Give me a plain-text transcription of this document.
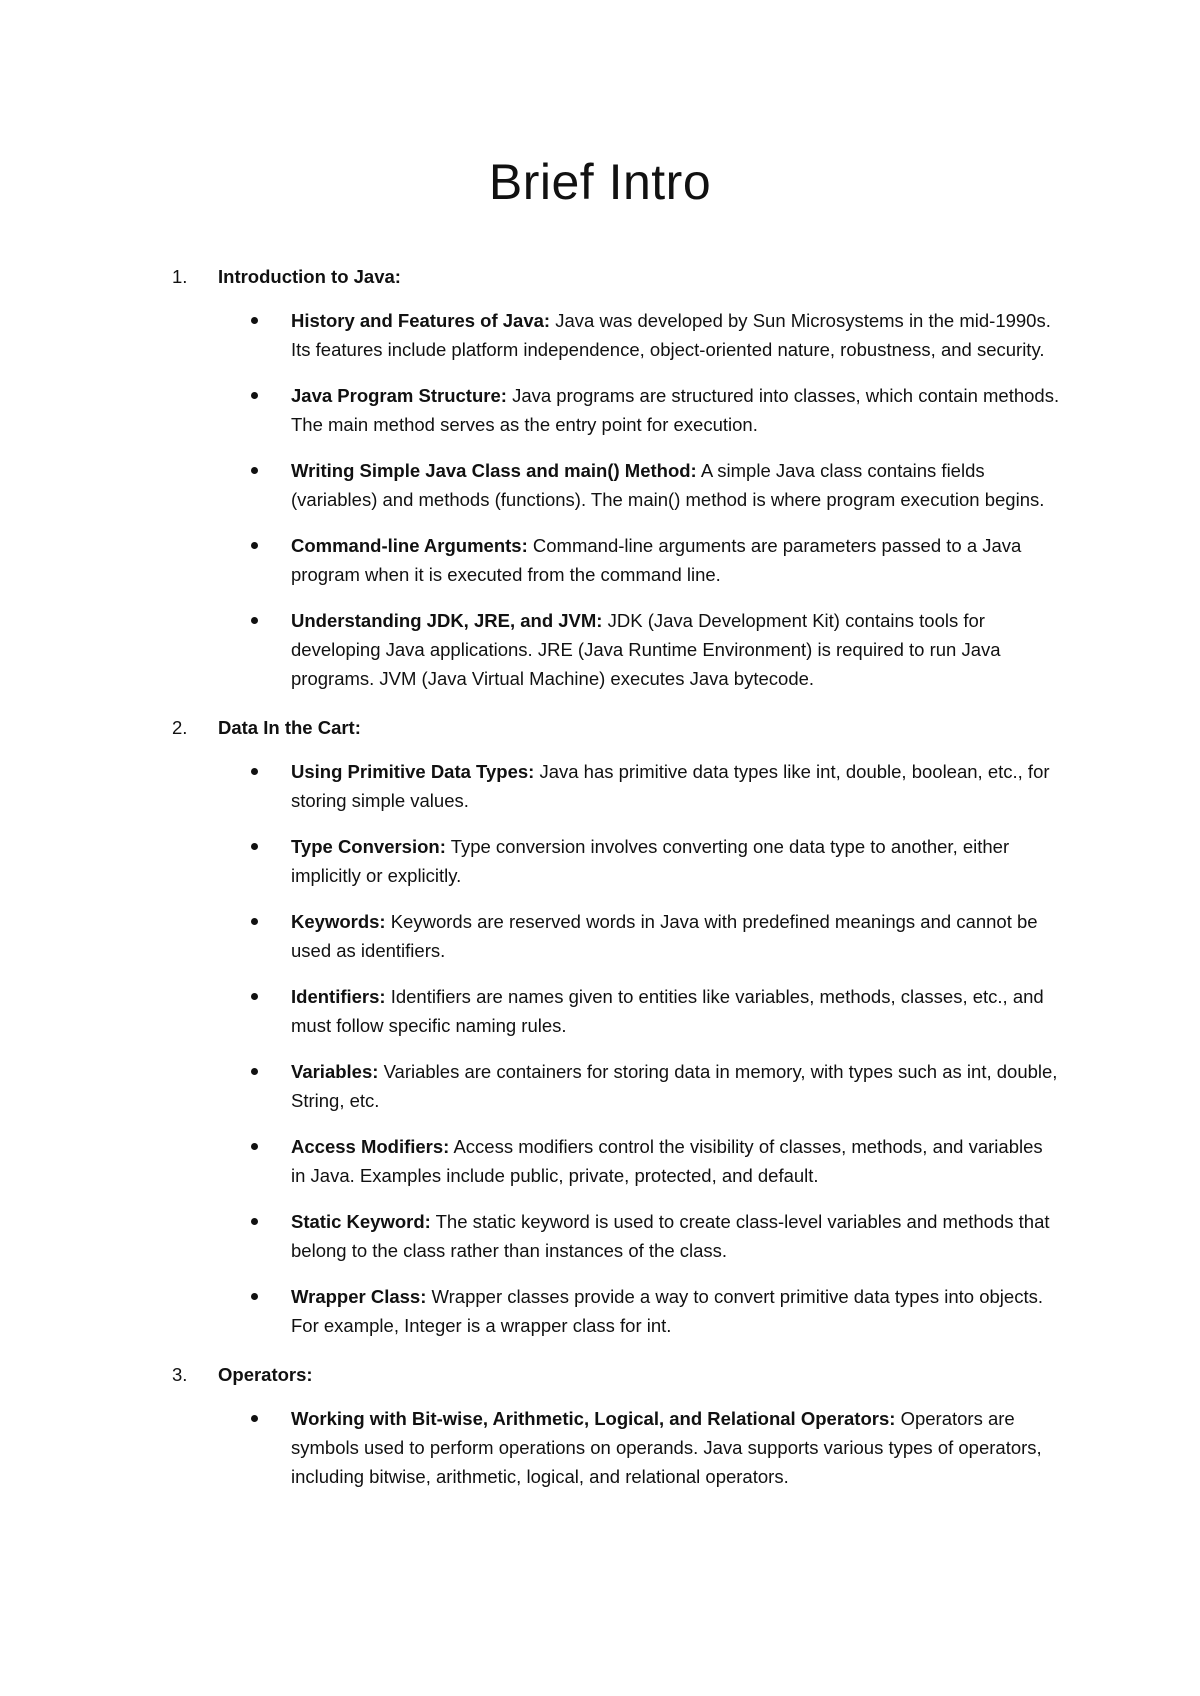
Brief Intro
1. Introduction to Java:
History and Features of Java: Java was developed by Sun Microsystems in the mid-1990s. Its features include platform independence, object-oriented nature, robustness, and security.
Java Program Structure: Java programs are structured into classes, which contain methods. The main method serves as the entry point for execution.
Writing Simple Java Class and main() Method: A simple Java class contains fields (variables) and methods (functions). The main() method is where program execution begins.
Command-line Arguments: Command-line arguments are parameters passed to a Java program when it is executed from the command line.
Understanding JDK, JRE, and JVM: JDK (Java Development Kit) contains tools for developing Java applications. JRE (Java Runtime Environment) is required to run Java programs. JVM (Java Virtual Machine) executes Java bytecode.
2. Data In the Cart:
Using Primitive Data Types: Java has primitive data types like int, double, boolean, etc., for storing simple values.
Type Conversion: Type conversion involves converting one data type to another, either implicitly or explicitly.
Keywords: Keywords are reserved words in Java with predefined meanings and cannot be used as identifiers.
Identifiers: Identifiers are names given to entities like variables, methods, classes, etc., and must follow specific naming rules.
Variables: Variables are containers for storing data in memory, with types such as int, double, String, etc.
Access Modifiers: Access modifiers control the visibility of classes, methods, and variables in Java. Examples include public, private, protected, and default.
Static Keyword: The static keyword is used to create class-level variables and methods that belong to the class rather than instances of the class.
Wrapper Class: Wrapper classes provide a way to convert primitive data types into objects. For example, Integer is a wrapper class for int.
3. Operators:
Working with Bit-wise, Arithmetic, Logical, and Relational Operators: Operators are symbols used to perform operations on operands. Java supports various types of operators, including bitwise, arithmetic, logical, and relational operators.
